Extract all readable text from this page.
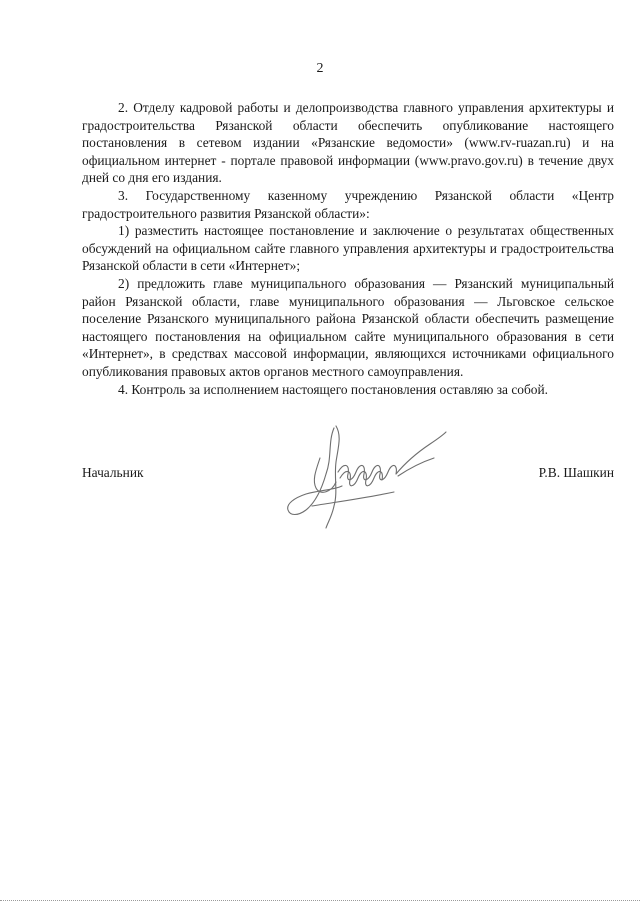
2

2. Отделу кадровой работы и делопроизводства главного управления архитектуры и градостроительства Рязанской области обеспечить опубликование настоящего постановления в сетевом издании «Рязанские ведомости» (www.rv-ruazan.ru) и на официальном интернет - портале правовой информации (www.pravo.gov.ru) в течение двух дней со дня его издания.

3. Государственному казенному учреждению Рязанской области «Центр градостроительного развития Рязанской области»:

1) разместить настоящее постановление и заключение о результатах общественных обсуждений на официальном сайте главного управления архитектуры и градостроительства Рязанской области в сети «Интернет»;

2) предложить главе муниципального образования — Рязанский муниципальный район Рязанской области, главе муниципального образования — Льговское сельское поселение Рязанского муниципального района Рязанской области обеспечить размещение настоящего постановления на официальном сайте муниципального образования в сети «Интернет», в средствах массовой информации, являющихся источниками официального опубликования правовых актов органов местного самоуправления.

4. Контроль за исполнением настоящего постановления оставляю за собой.

Начальник	Р.В. Шашкин
